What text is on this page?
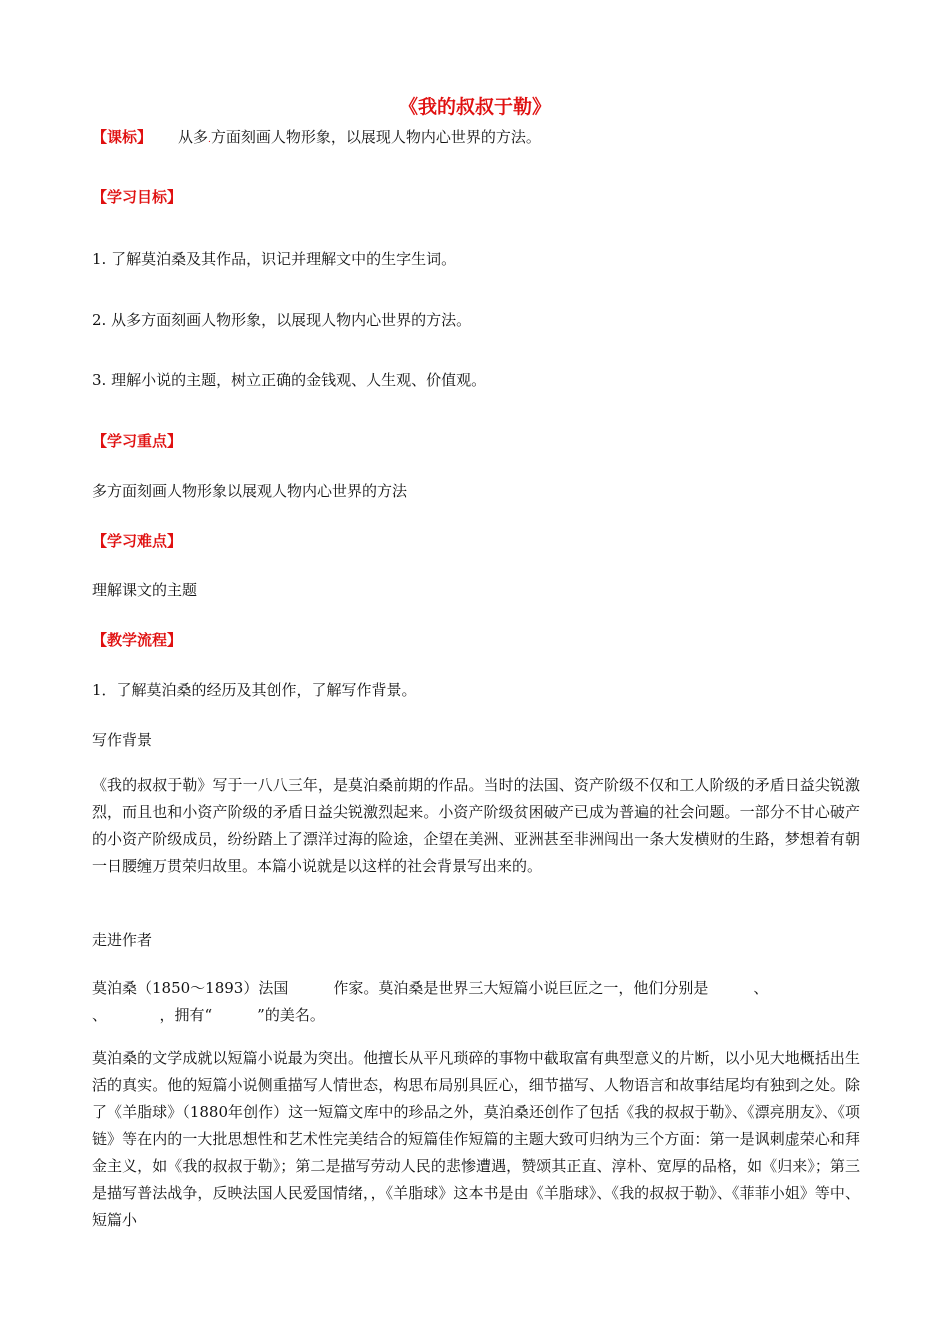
《我的叔叔于勒》
【课标】 从多.方面刻画人物形象，以展现人物内心世界的方法。
【学习目标】
1. 了解莫泊桑及其作品，识记并理解文中的生字生词。
2. 从多方面刻画人物形象，以展现人物内心世界的方法。
3. 理解小说的主题，树立正确的金钱观、人生观、价值观。
【学习重点】
多方面刻画人物形象以展观人物内心世界的方法
【学习难点】
理解课文的主题
【教学流程】
1．了解莫泊桑的经历及其创作，了解写作背景。
写作背景
《我的叔叔于勒》写于一八八三年，是莫泊桑前期的作品。当时的法国、资产阶级不仅和工人阶级的矛盾日益尖锐激烈，而且也和小资产阶级的矛盾日益尖锐激烈起来。小资产阶级贫困破产已成为普遍的社会问题。一部分不甘心破产的小资产阶级成员，纷纷踏上了漂洋过海的险途，企望在美洲、亚洲甚至非洲闯出一条大发横财的生路，梦想着有朝一日腰缠万贯荣归故里。本篇小说就是以这样的社会背景写出来的。
走进作者
莫泊桑（1850～1893）法国　　　作家。莫泊桑是世界三大短篇小说巨匠之一，他们分别是　　　、
、　　　　，拥有“　　　”的美名。
莫泊桑的文学成就以短篇小说最为突出。他擅长从平凡琐碎的事物中截取富有典型意义的片断，以小见大地概括出生活的真实。他的短篇小说侧重描写人情世态，构思布局别具匠心，细节描写、人物语言和故事结尾均有独到之处。除了《羊脂球》（1880年创作）这一短篇文库中的珍品之外，莫泊桑还创作了包括《我的叔叔于勒》、《漂亮朋友》、《项链》等在内的一大批思想性和艺术性完美结合的短篇佳作短篇的主题大致可归纳为三个方面：第一是讽刺虚荣心和拜金主义，如《我的叔叔于勒》；第二是描写劳动人民的悲惨遭遇，赞颂其正直、淳朴、宽厚的品格，如《归来》；第三是描写普法战争，反映法国人民爱国情绪，，《羊脂球》这本书是由《羊脂球》、《我的叔叔于勒》、《菲菲小姐》等中、短篇小
